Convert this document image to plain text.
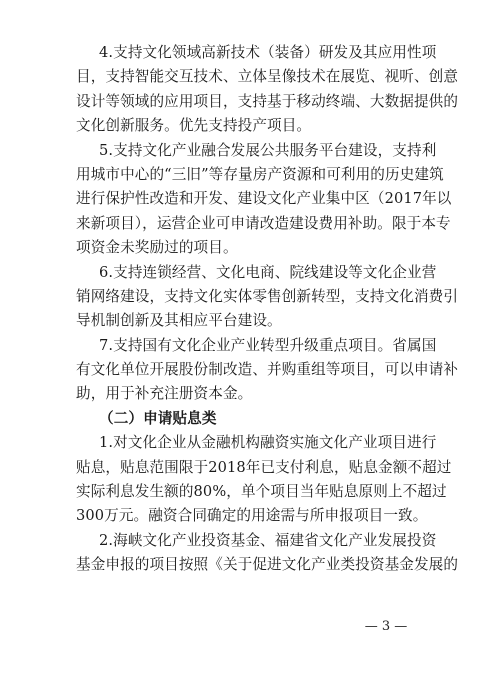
4.支持文化领域高新技术（装备）研发及其应用性项
目，支持智能交互技术、立体呈像技术在展览、视听、创意
设计等领域的应用项目，支持基于移动终端、大数据提供的
文化创新服务。优先支持投产项目。

5.支持文化产业融合发展公共服务平台建设，支持利
用城市中心的“三旧”等存量房产资源和可利用的历史建筑
进行保护性改造和开发、建设文化产业集中区（2017年以
来新项目），运营企业可申请改造建设费用补助。限于本专
项资金未奖励过的项目。

6.支持连锁经营、文化电商、院线建设等文化企业营
销网络建设，支持文化实体零售创新转型，支持文化消费引
导机制创新及其相应平台建设。

7.支持国有文化企业产业转型升级重点项目。省属国
有文化单位开展股份制改造、并购重组等项目，可以申请补
助，用于补充注册资本金。

（二）申请贴息类

1.对文化企业从金融机构融资实施文化产业项目进行
贴息，贴息范围限于2018年已支付利息，贴息金额不超过
实际利息发生额的80%，单个项目当年贴息原则上不超过
300万元。融资合同确定的用途需与所申报项目一致。

2.海峡文化产业投资基金、福建省文化产业发展投资
基金申报的项目按照《关于促进文化产业类投资基金发展的

— 3 —
